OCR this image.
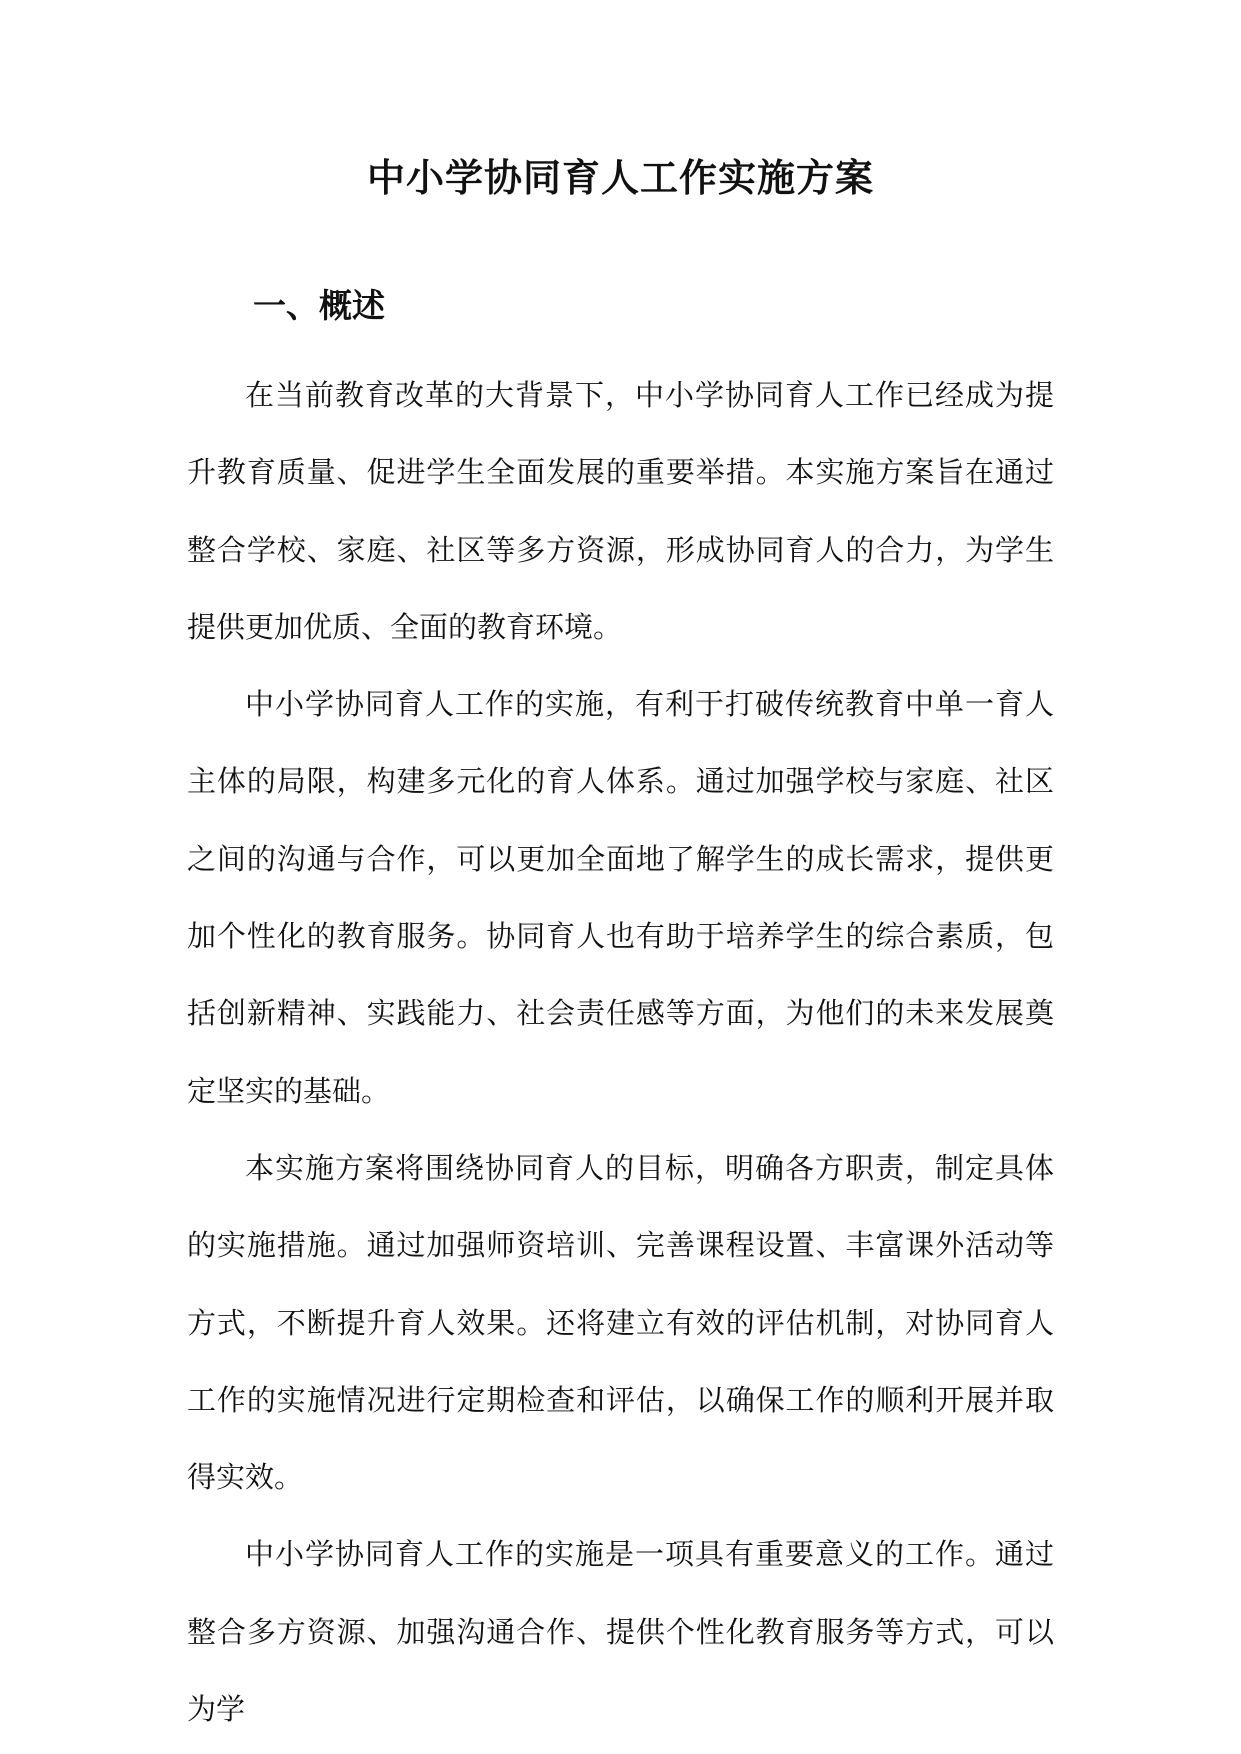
中小学协同育人工作实施方案
一、概述

在当前教育改革的大背景下，中小学协同育人工作已经成为提升教育质量、促进学生全面发展的重要举措。本实施方案旨在通过整合学校、家庭、社区等多方资源，形成协同育人的合力，为学生提供更加优质、全面的教育环境。

中小学协同育人工作的实施，有利于打破传统教育中单一育人主体的局限，构建多元化的育人体系。通过加强学校与家庭、社区之间的沟通与合作，可以更加全面地了解学生的成长需求，提供更加个性化的教育服务。协同育人也有助于培养学生的综合素质，包括创新精神、实践能力、社会责任感等方面，为他们的未来发展奠定坚实的基础。

本实施方案将围绕协同育人的目标，明确各方职责，制定具体的实施措施。通过加强师资培训、完善课程设置、丰富课外活动等方式，不断提升育人效果。还将建立有效的评估机制，对协同育人工作的实施情况进行定期检查和评估，以确保工作的顺利开展并取得实效。

中小学协同育人工作的实施是一项具有重要意义的工作。通过整合多方资源、加强沟通合作、提供个性化教育服务等方式，可以为学
